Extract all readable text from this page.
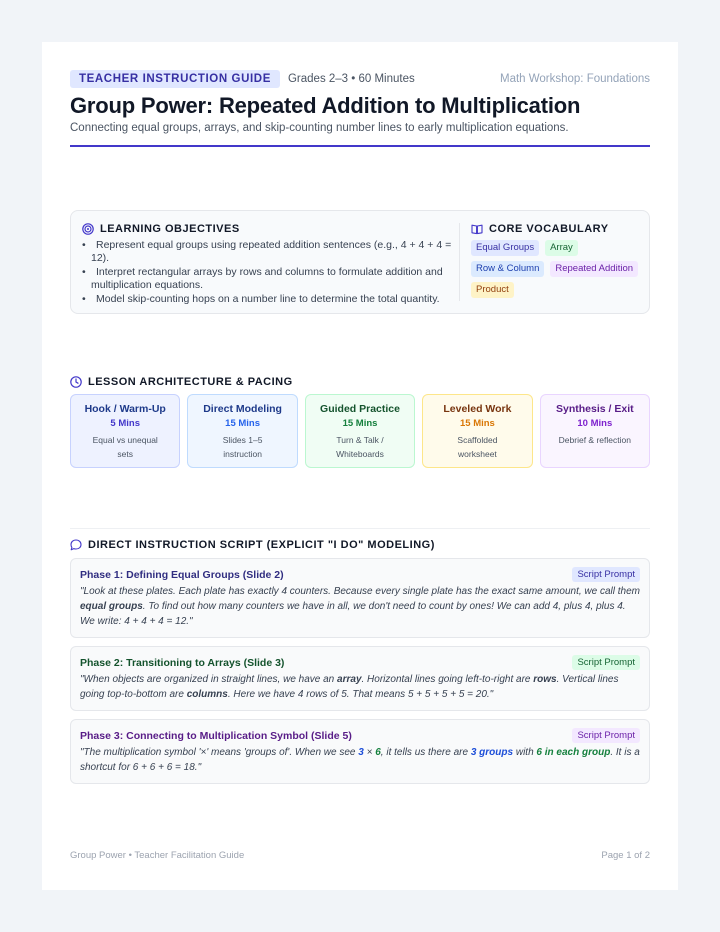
TEACHER INSTRUCTION GUIDE	Grades 2–3 • 60 Minutes	Math Workshop: Foundations
Group Power: Repeated Addition to Multiplication

Connecting equal groups, arrays, and skip-counting number lines to early multiplication equations.

LEARNING OBJECTIVES
• Represent equal groups using repeated addition sentences (e.g., 4 + 4 + 4 = 12).
• Interpret rectangular arrays by rows and columns to formulate addition and multiplication equations.
• Model skip-counting hops on a number line to determine the total quantity.
CORE VOCABULARY
Equal Groups	Array
Row & Column	Repeated Addition
Product
LESSON ARCHITECTURE & PACING
Hook / Warm-Up
5 Mins
Equal vs unequal sets
Direct Modeling
15 Mins
Slides 1–5 instruction
Guided Practice
15 Mins
Turn & Talk / Whiteboards
Leveled Work
15 Mins
Scaffolded worksheet
Synthesis / Exit
10 Mins
Debrief & reflection
DIRECT INSTRUCTION SCRIPT (EXPLICIT "I DO" MODELING)
Phase 1: Defining Equal Groups (Slide 2)	Script Prompt

"Look at these plates. Each plate has exactly 4 counters. Because every single plate has the exact same amount, we call them equal groups. To find out how many counters we have in all, we don't need to count by ones! We can add 4, plus 4, plus 4. We write: 4 + 4 + 4 = 12."

Phase 2: Transitioning to Arrays (Slide 3)	Script Prompt

"When objects are organized in straight lines, we have an array. Horizontal lines going left-to-right are rows. Vertical lines going top-to-bottom are columns. Here we have 4 rows of 5. That means 5 + 5 + 5 + 5 = 20."

Phase 3: Connecting to Multiplication Symbol (Slide 5)	Script Prompt

"The multiplication symbol '×' means 'groups of'. When we see 3 × 6, it tells us there are 3 groups with 6 in each group. It is a shortcut for 6 + 6 + 6 = 18."

Group Power • Teacher Facilitation Guide	Page 1 of 2
